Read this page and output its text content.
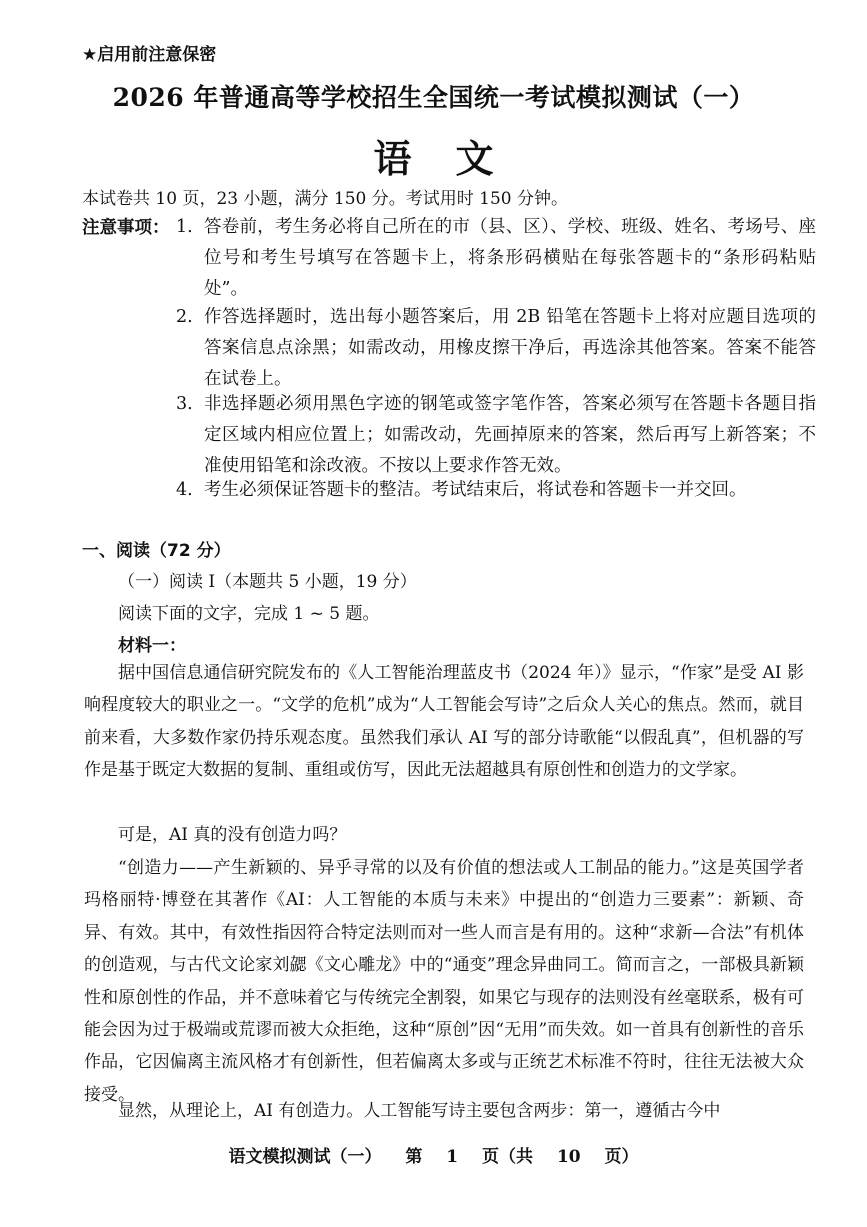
★启用前注意保密
2026 年普通高等学校招生全国统一考试模拟测试（一）
语文
本试卷共 10 页，23 小题，满分 150 分。考试用时 150 分钟。
注意事项： 1. 答卷前，考生务必将自己所在的市（县、区）、学校、班级、姓名、考场号、座位号和考生号填写在答题卡上，将条形码横贴在每张答题卡的“条形码粘贴处”。
2. 作答选择题时，选出每小题答案后，用 2B 铅笔在答题卡上将对应题目选项的答案信息点涂黑；如需改动，用橡皮擦干净后，再选涂其他答案。答案不能答在试卷上。
3. 非选择题必须用黑色字迹的钢笔或签字笔作答，答案必须写在答题卡各题目指定区域内相应位置上；如需改动，先画掉原来的答案，然后再写上新答案；不准使用铅笔和涂改液。不按以上要求作答无效。
4. 考生必须保证答题卡的整洁。考试结束后，将试卷和答题卡一并交回。
一、阅读（72 分）
（一）阅读 I（本题共 5 小题，19 分）
阅读下面的文字，完成 1 ~ 5 题。
材料一：
据中国信息通信研究院发布的《人工智能治理蓝皮书（2024 年）》显示，“作家”是受 AI 影响程度较大的职业之一。“文学的危机”成为“人工智能会写诗”之后众人关心的焦点。然而，就目前来看，大多数作家仍持乐观态度。虽然我们承认 AI 写的部分诗歌能“以假乱真”，但机器的写作是基于既定大数据的复制、重组或仿写，因此无法超越具有原创性和创造力的文学家。
可是，AI 真的没有创造力吗？
“创造力——产生新颖的、异乎寻常的以及有价值的想法或人工制品的能力。”这是英国学者玛格丽特·博登在其著作《AI：人工智能的本质与未来》中提出的“创造力三要素”：新颖、奇异、有效。其中，有效性指因符合特定法则而对一些人而言是有用的。这种“求新—合法”有机体的创造观，与古代文论家刘勰《文心雕龙》中的“通变”理念异曲同工。简而言之，一部极具新颖性和原创性的作品，并不意味着它与传统完全割裂，如果它与现存的法则没有丝毫联系，极有可能会因为过于极端或荒谬而被大众拒绝，这种“原创”因“无用”而失效。如一首具有创新性的音乐作品，它因偏离主流风格才有创新性，但若偏离太多或与正统艺术标准不符时，往往无法被大众接受。
显然，从理论上，AI 有创造力。人工智能写诗主要包含两步：第一，遵循古今中
语文模拟测试（一） 第 1 页（共 10 页）
